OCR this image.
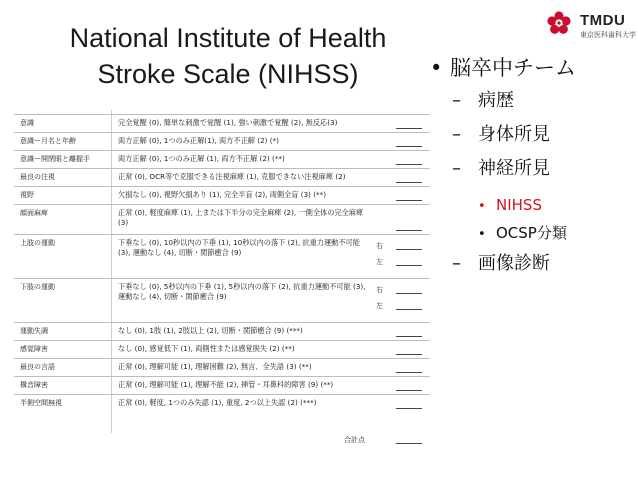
National Institute of Health
Stroke Scale (NIHSS)
TMDU
東京医科歯科大学
• 脳卒中チーム
– 病歴
– 身体所見
– 神経所見
• NIHSS
• OCSP分類
– 画像診断
意識	完全覚醒 (0), 簡単な刺激で覚醒 (1), 強い刺激で覚醒 (2), 無反応(3)
意識ー月名と年齢	両方正解 (0), 1つのみ正解(1), 両方不正解 (2) (*)
意識ー開閉眼と離握手	両方正解 (0), 1つのみ正解 (1), 両方不正解 (2) (**)
最良の注視	正常 (0), OCR等で克服できる注視麻痺 (1), 克服できない注視麻痺 (2)
視野	欠損なし (0), 視野欠損あり (1), 完全半盲 (2), 両側全盲 (3) (**)
顔面麻痺	正常 (0), 軽度麻痺 (1), 上または下半分の完全麻痺 (2), 一側全体の完全麻痺 (3)
上肢の運動	下垂なし (0), 10秒以内の下垂 (1), 10秒以内の落下 (2), 抗重力運動不可能 (3), 運動なし (4), 切断・関節癒合 (9)
右
左
下肢の運動	下垂なし (0), 5秒以内の下垂 (1), 5秒以内の落下 (2), 抗重力運動不可能 (3), 運動なし (4), 切断・関節癒合 (9)
右
左
運動失調	なし (0), 1肢 (1), 2肢以上 (2), 切断・関節癒合 (9) (***)
感覚障害	なし (0), 感覚低下 (1), 両側性または感覚脱失 (2) (**)
最良の言語	正常 (0), 理解可能 (1), 理解困難 (2), 無言、全失語 (3) (**)
構音障害	正常 (0), 理解可能 (1), 理解不能 (2), 挿管・耳鼻科的障害 (9) (**)
半側空間無視	正常 (0), 軽度, 1つのみ失認 (1), 重度, 2つ以上失認 (2) (***)
合計点
